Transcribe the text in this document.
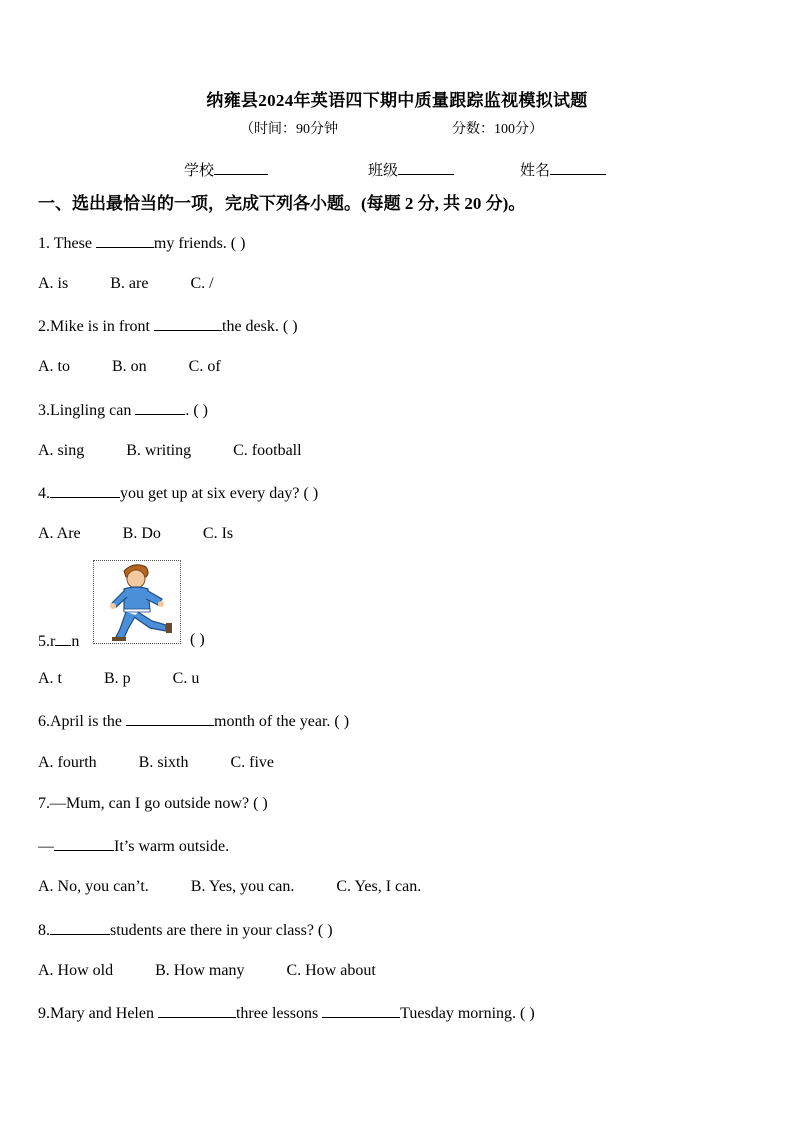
纳雍县2024年英语四下期中质量跟踪监视模拟试题
（时间：90分钟	分数：100分）
学校	班级	姓名
一、选出最恰当的一项，完成下列各小题。(每题 2 分, 共 20 分)。
1. These	my friends. ( )
A. is	B. are	C. /
2.Mike is in front	the desk. ( )
A. to	B. on	C. of
3.Lingling can	. ( )
A. sing	B. writing	C. football
4.	you get up at six every day? ( )
A. Are	B. Do	C. Is
5.r n	( )
A. t	B. p	C. u
6.April is the	month of the year. ( )
A. fourth	B. sixth	C. five
7.—Mum, can I go outside now? ( )
—	It’s warm outside.
A. No, you can’t.	B. Yes, you can.	C. Yes, I can.
8.	students are there in your class? ( )
A. How old	B. How many	C. How about
9.Mary and Helen	three lessons	Tuesday morning. ( )
